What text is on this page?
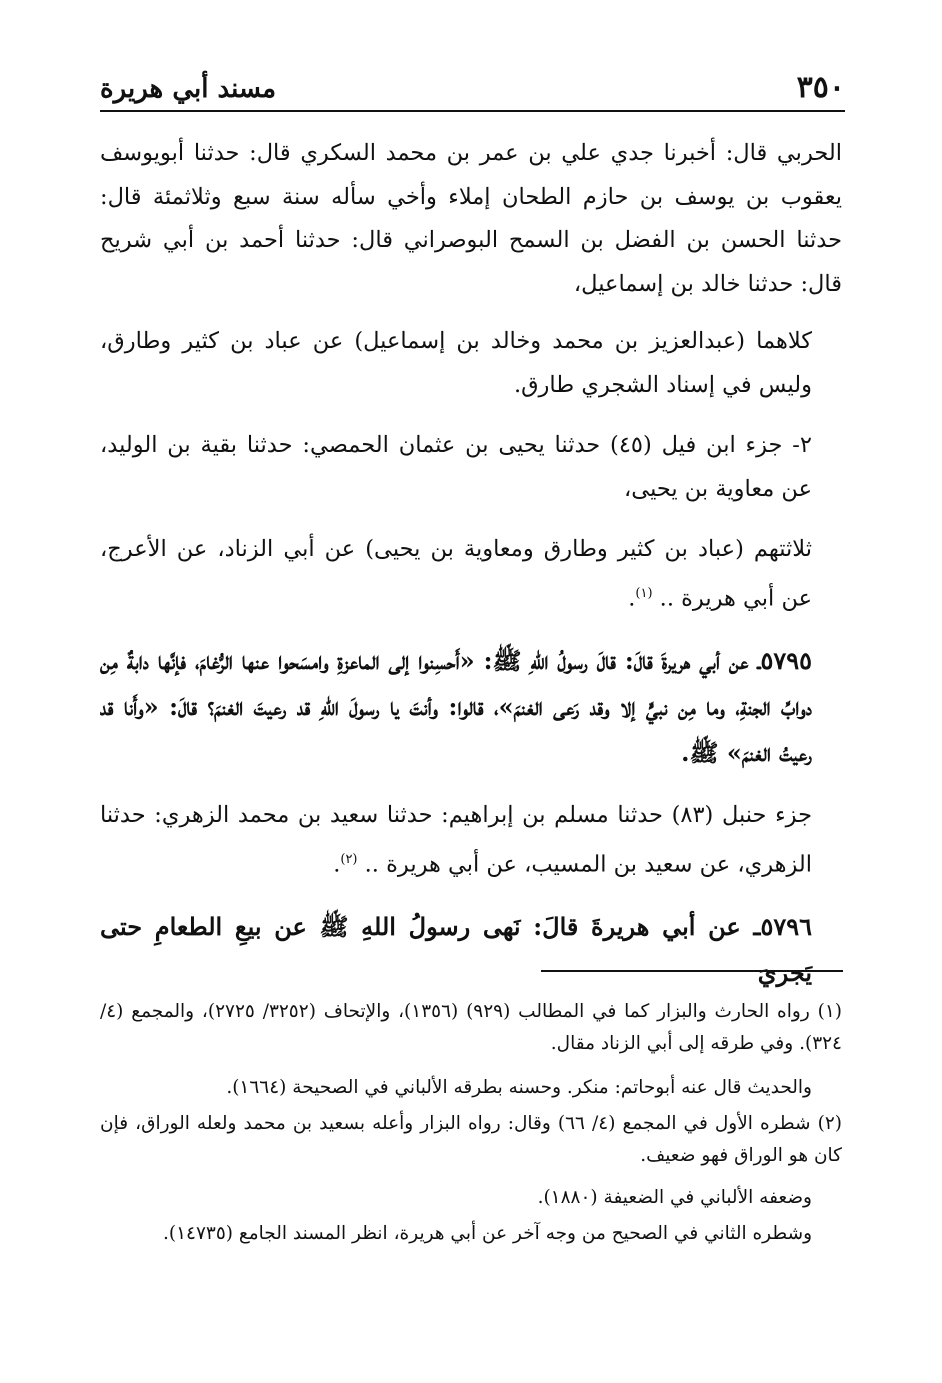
٣٥٠
مسند أبي هريرة

الحربي قال: أخبرنا جدي علي بن عمر بن محمد السكري قال: حدثنا أبويوسف يعقوب بن يوسف بن حازم الطحان إملاء وأخي سأله سنة سبع وثلاثمئة قال: حدثنا الحسن بن الفضل بن السمح البوصراني قال: حدثنا أحمد بن أبي شريح قال: حدثنا خالد بن إسماعيل،

كلاهما (عبدالعزيز بن محمد وخالد بن إسماعيل) عن عباد بن كثير وطارق، وليس في إسناد الشجري طارق.

٢- جزء ابن فيل (٤٥) حدثنا يحيى بن عثمان الحمصي: حدثنا بقية بن الوليد، عن معاوية بن يحيى،

ثلاثتهم (عباد بن كثير وطارق ومعاوية بن يحيى) عن أبي الزناد، عن الأعرج، عن أبي هريرة .. $^{(١)}$.

٥٧٩٥ـ عن أبي هريرةَ قالَ: قالَ رسولُ اللهِ ﷺ: «أَحسِنوا إلى الماعزةِ وامسَحوا عنها الرُّغامَ، فإنَّها دابةٌ مِن دوابِّ الجنةِ، وما مِن نبيٍّ إلا وقد رَعى الغنمَ»، قالوا: وأنتَ يا رسولَ اللهِ قد رعيتَ الغنمَ؟ قالَ: «وأَنا قد رعيتُ الغنمَ» ﷺ.

جزء حنبل (٨٣) حدثنا مسلم بن إبراهيم: حدثنا سعيد بن محمد الزهري: حدثنا الزهري، عن سعيد بن المسيب، عن أبي هريرة .. $^{(٢)}$.

٥٧٩٦ـ عن أبي هريرةَ قالَ: نَهى رسولُ اللهِ ﷺ عن بيعِ الطعامِ حتى يَجريَ

(١) رواه الحارث والبزار كما في المطالب (٩٢٩) (١٣٥٦)، والإتحاف (٣٢٥٢/ ٢٧٢٥)، والمجمع (٤/ ٣٢٤). وفي طرقه إلى أبي الزناد مقال.

والحديث قال عنه أبوحاتم: منكر. وحسنه بطرقه الألباني في الصحيحة (١٦٦٤).

(٢) شطره الأول في المجمع (٤/ ٦٦) وقال: رواه البزار وأعله بسعيد بن محمد ولعله الوراق، فإن كان هو الوراق فهو ضعيف.

وضعفه الألباني في الضعيفة (١٨٨٠).

وشطره الثاني في الصحيح من وجه آخر عن أبي هريرة، انظر المسند الجامع (١٤٧٣٥).
